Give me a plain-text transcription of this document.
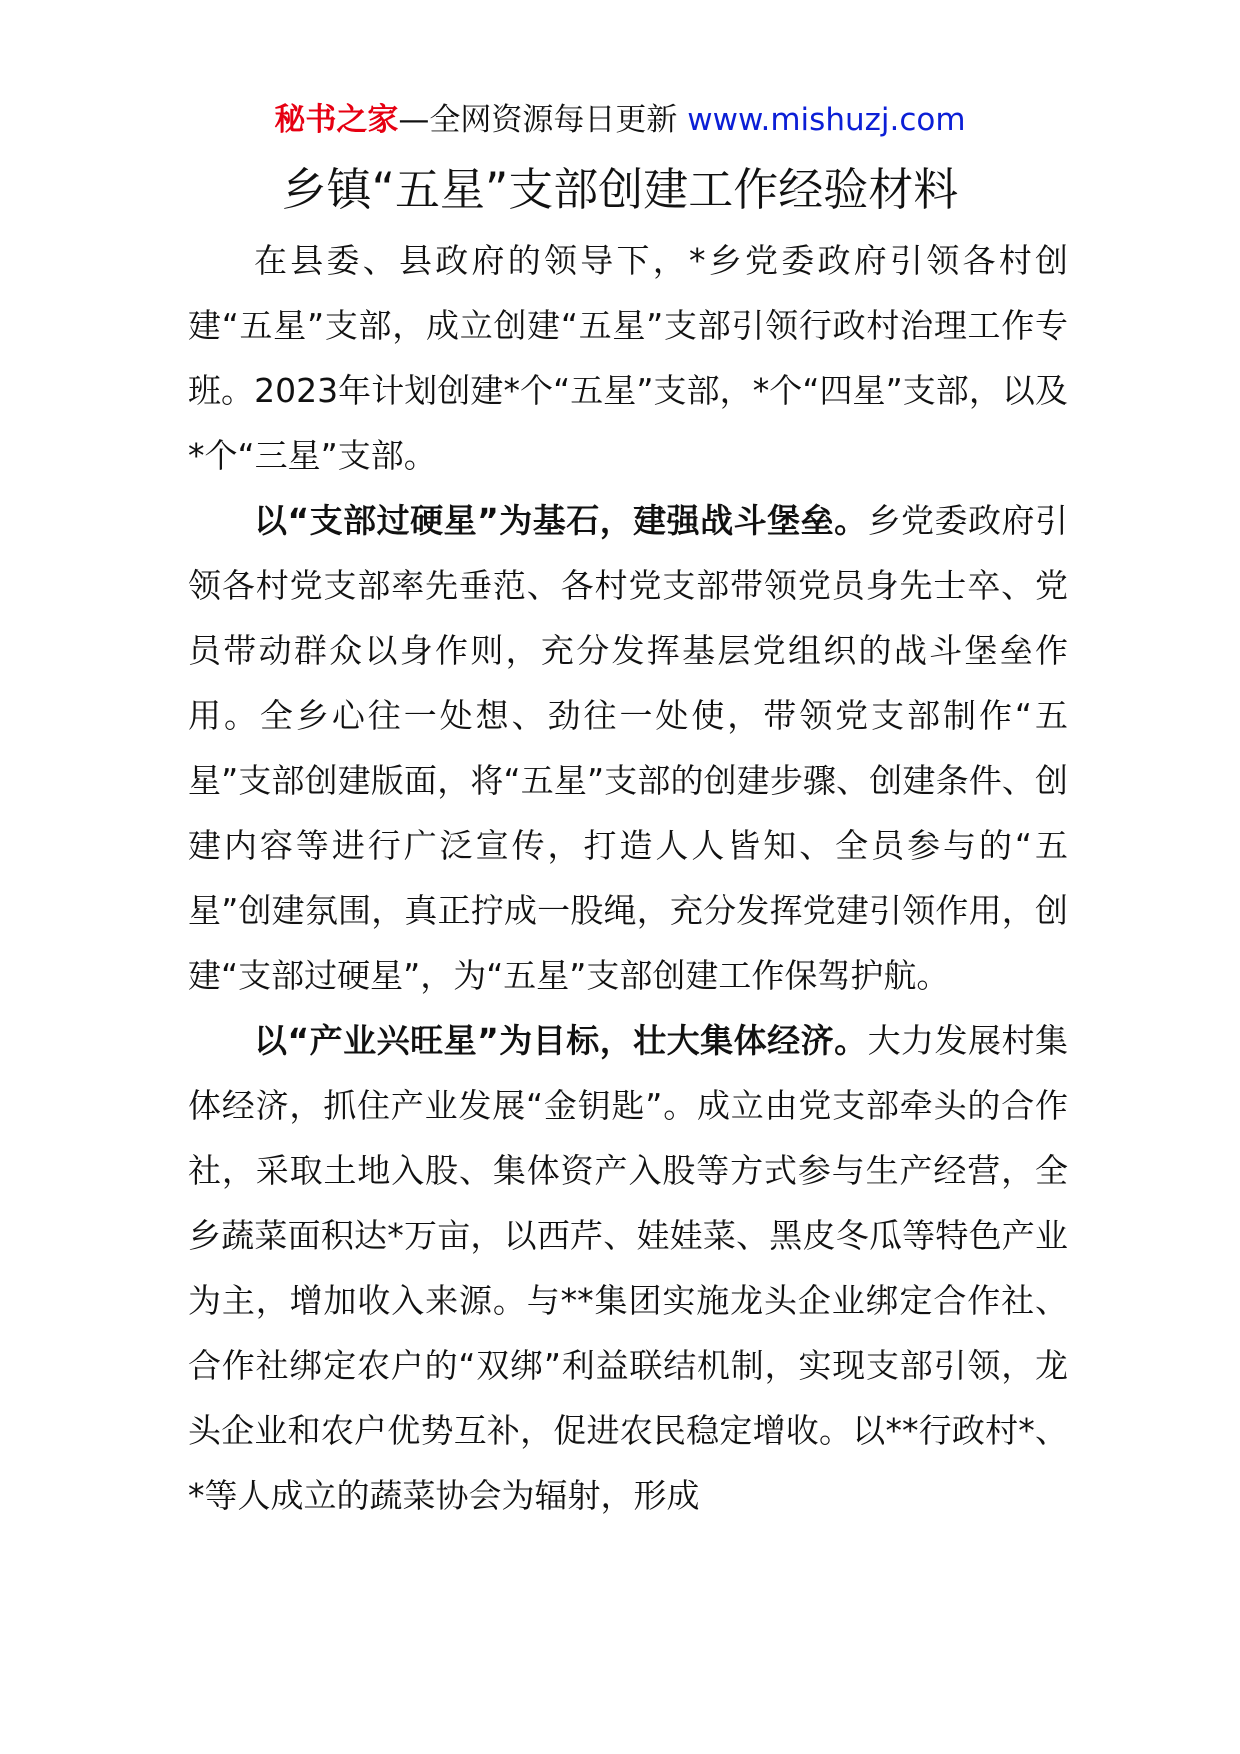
秘书之家—全网资源每日更新 www.mishuzj.com
乡镇“五星”支部创建工作经验材料

在县委、县政府的领导下，*乡党委政府引领各村创建“五星”支部，成立创建“五星”支部引领行政村治理工作专班。2023年计划创建*个“五星”支部，*个“四星”支部，以及*个“三星”支部。

以“支部过硬星”为基石，建强战斗堡垒。乡党委政府引领各村党支部率先垂范、各村党支部带领党员身先士卒、党员带动群众以身作则，充分发挥基层党组织的战斗堡垒作用。全乡心往一处想、劲往一处使，带领党支部制作“五星”支部创建版面，将“五星”支部的创建步骤、创建条件、创建内容等进行广泛宣传，打造人人皆知、全员参与的“五星”创建氛围，真正拧成一股绳，充分发挥党建引领作用，创建“支部过硬星”，为“五星”支部创建工作保驾护航。

以“产业兴旺星”为目标，壮大集体经济。大力发展村集体经济，抓住产业发展“金钥匙”。成立由党支部牵头的合作社，采取土地入股、集体资产入股等方式参与生产经营，全乡蔬菜面积达*万亩，以西芹、娃娃菜、黑皮冬瓜等特色产业为主，增加收入来源。与**集团实施龙头企业绑定合作社、合作社绑定农户的“双绑”利益联结机制，实现支部引领，龙头企业和农户优势互补，促进农民稳定增收。以**行政村*、*等人成立的蔬菜协会为辐射，形成
